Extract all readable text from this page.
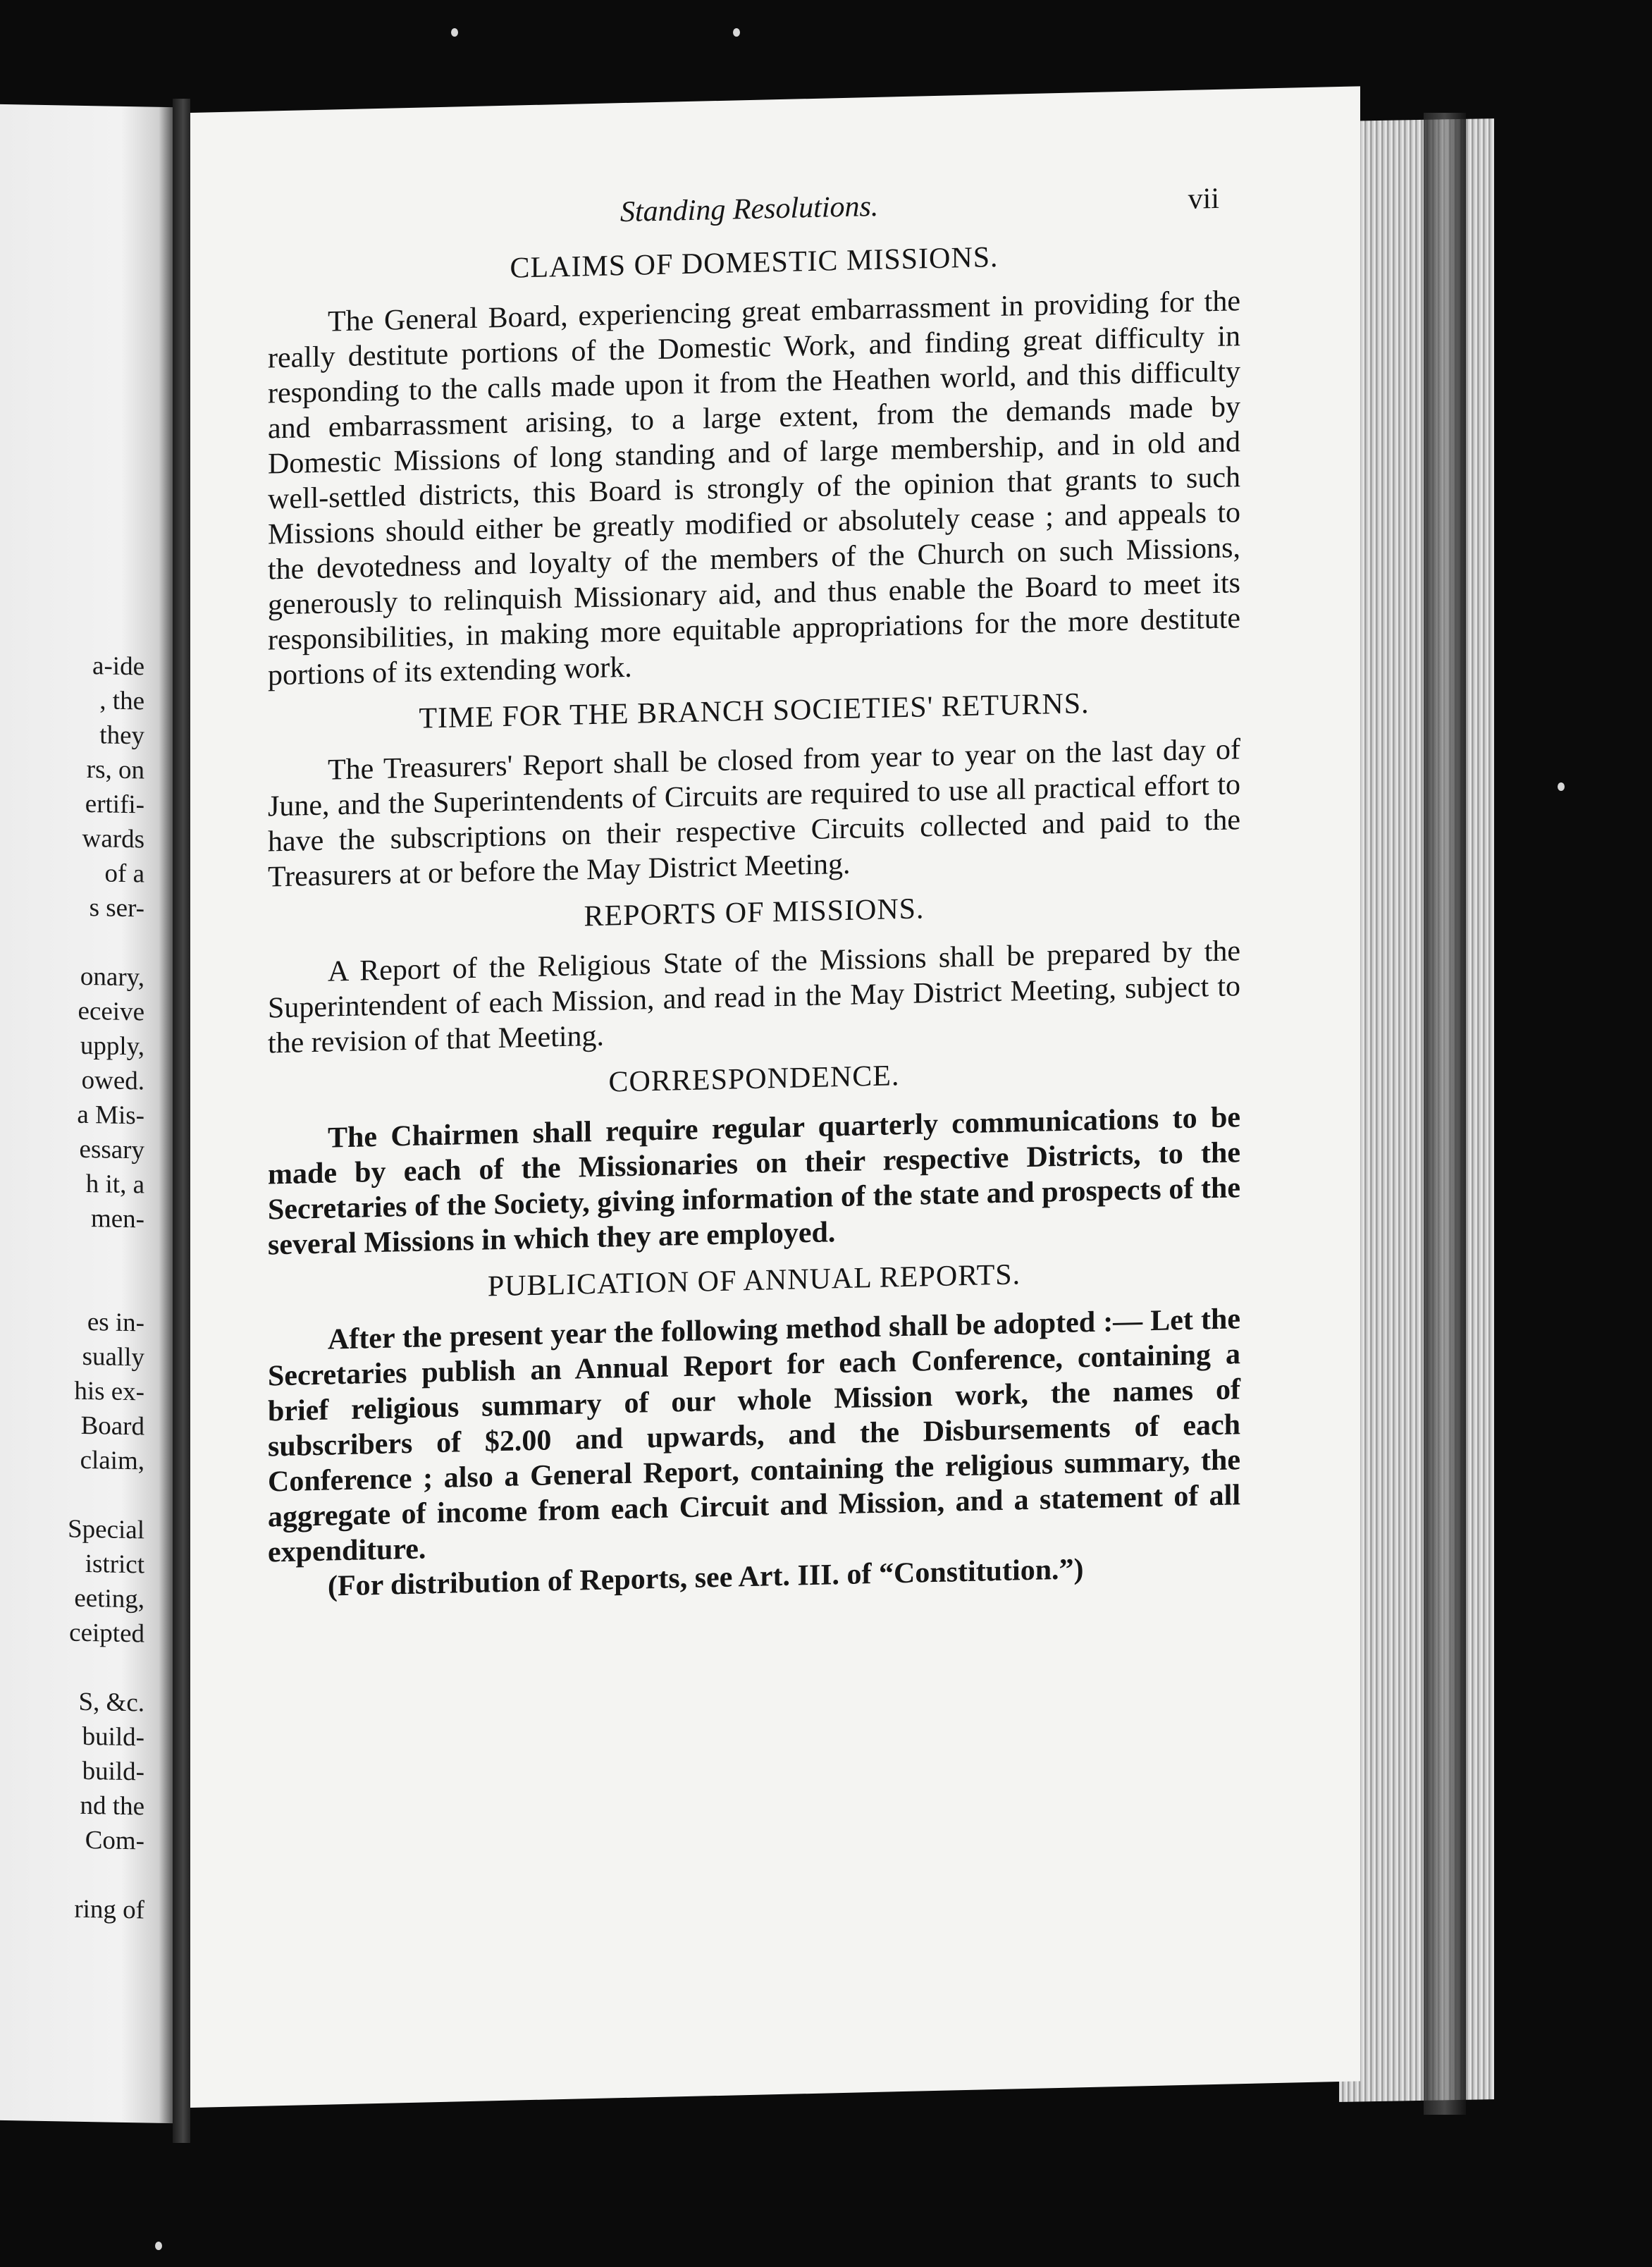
a-ide
, the
they
rs, on
ertifi-
wards
of a
s ser-
onary,
eceive
upply,
owed.
a Mis-
essary
h it, a
men-
es in-
sually
his ex-
Board
claim,
Special
istrict
eeting,
ceipted
S, &c.
build-
build-
nd the
Com-
ring of
Standing Resolutions.	vii
CLAIMS OF DOMESTIC MISSIONS.

The General Board, experiencing great embarrassment in providing for the really destitute portions of the Domestic Work, and finding great difficulty in responding to the calls made upon it from the Heathen world, and this difficulty and embarrassment arising, to a large extent, from the demands made by Domestic Missions of long standing and of large membership, and in old and well-settled districts, this Board is strongly of the opinion that grants to such Missions should either be greatly modified or absolutely cease ; and appeals to the devotedness and loyalty of the members of the Church on such Missions, generously to relinquish Missionary aid, and thus enable the Board to meet its responsibilities, in making more equitable appropriations for the more destitute portions of its extending work.

TIME FOR THE BRANCH SOCIETIES' RETURNS.

The Treasurers' Report shall be closed from year to year on the last day of June, and the Superintendents of Circuits are required to use all practical effort to have the subscriptions on their respective Circuits collected and paid to the Treasurers at or before the May District Meeting.

REPORTS OF MISSIONS.

A Report of the Religious State of the Missions shall be prepared by the Superintendent of each Mission, and read in the May District Meeting, subject to the revision of that Meeting.

CORRESPONDENCE.

The Chairmen shall require regular quarterly communications to be made by each of the Missionaries on their respective Districts, to the Secretaries of the Society, giving information of the state and prospects of the several Missions in which they are employed.

PUBLICATION OF ANNUAL REPORTS.

After the present year the following method shall be adopted :— Let the Secretaries publish an Annual Report for each Conference, containing a brief religious summary of our whole Mission work, the names of subscribers of $2.00 and upwards, and the Disbursements of each Conference ; also a General Report, containing the religious summary, the aggregate of income from each Circuit and Mission, and a statement of all expenditure.

(For distribution of Reports, see Art. III. of “Constitution.”)
